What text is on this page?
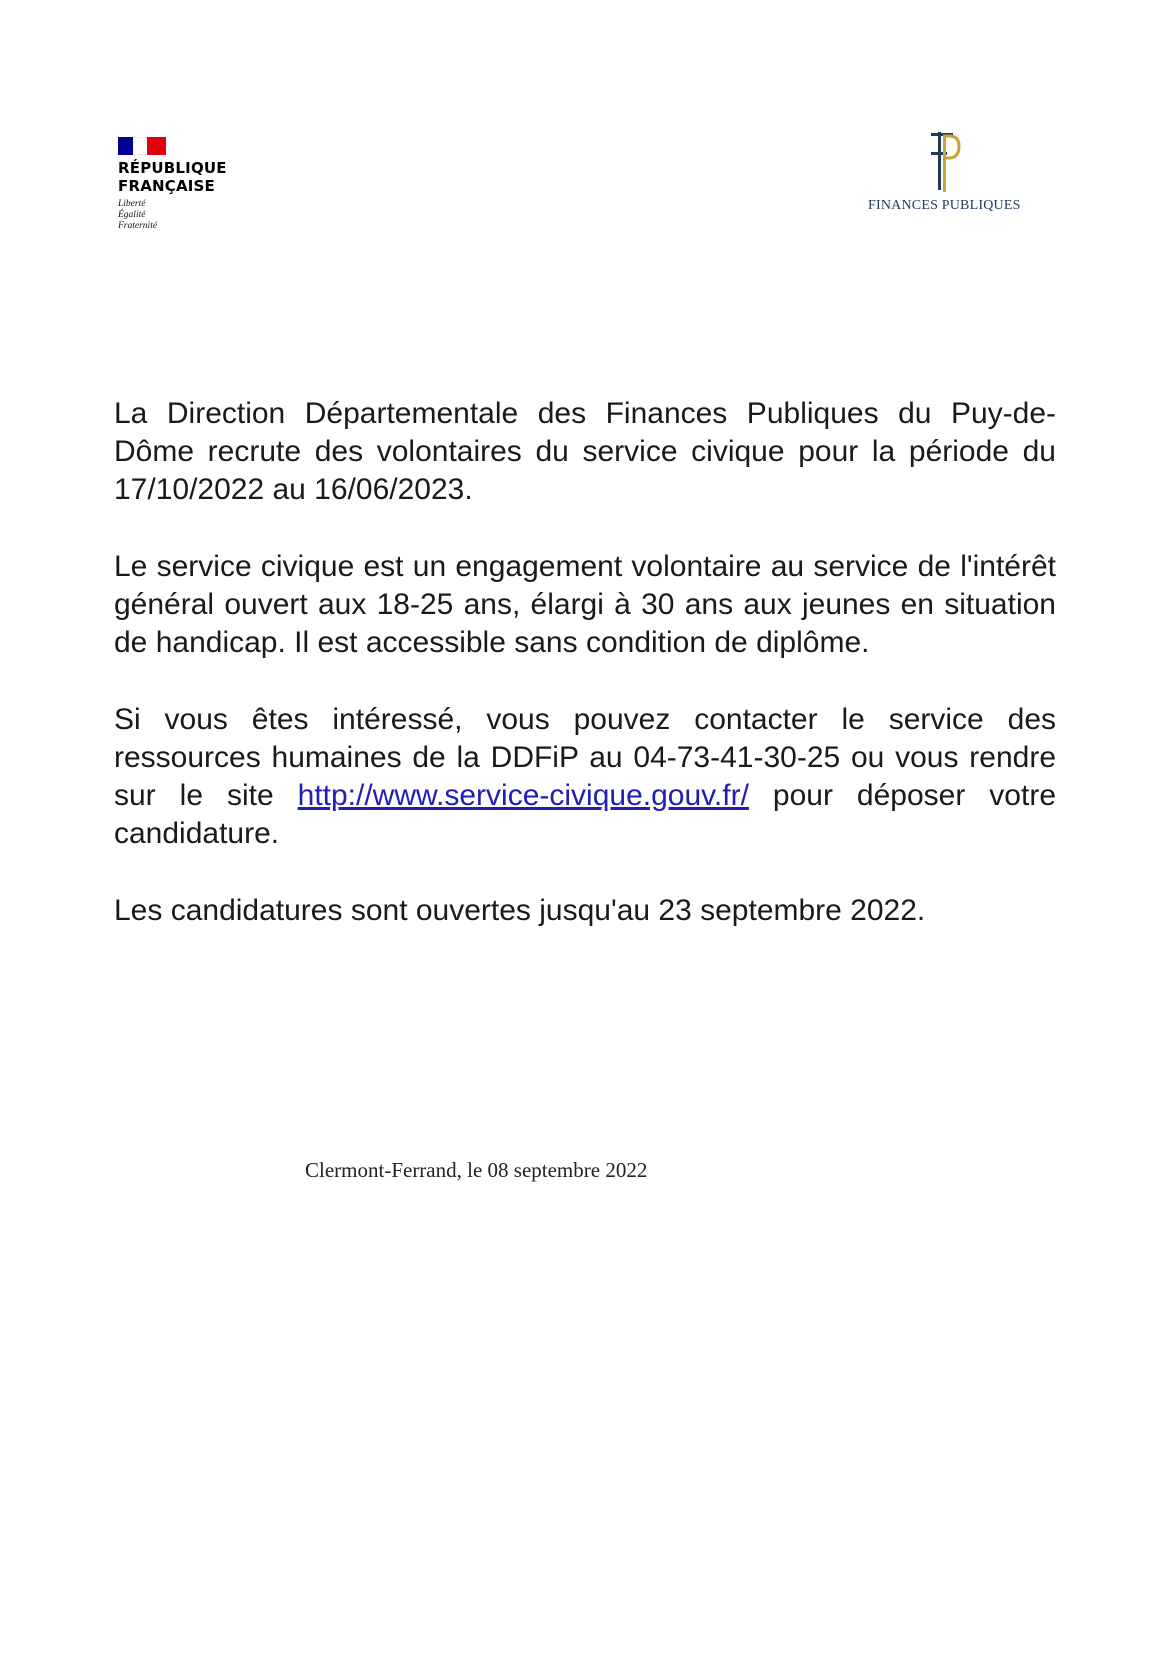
RÉPUBLIQUE
FRANÇAISE
Liberté
Égalité
Fraternité
FINANCES PUBLIQUES

La Direction Départementale des Finances Publiques du Puy-de-Dôme recrute des volontaires du service civique pour la période du 17/10/2022 au 16/06/2023.

Le service civique est un engagement volontaire au service de l'intérêt général ouvert aux 18-25 ans, élargi à 30 ans aux jeunes en situation de handicap. Il est accessible sans condition de diplôme.

Si vous êtes intéressé, vous pouvez contacter le service des ressources humaines de la DDFiP au 04-73-41-30-25 ou vous rendre sur le site http://www.service-civique.gouv.fr/ pour déposer votre candidature.

Les candidatures sont ouvertes jusqu'au 23 septembre 2022.

Clermont-Ferrand, le 08 septembre 2022
